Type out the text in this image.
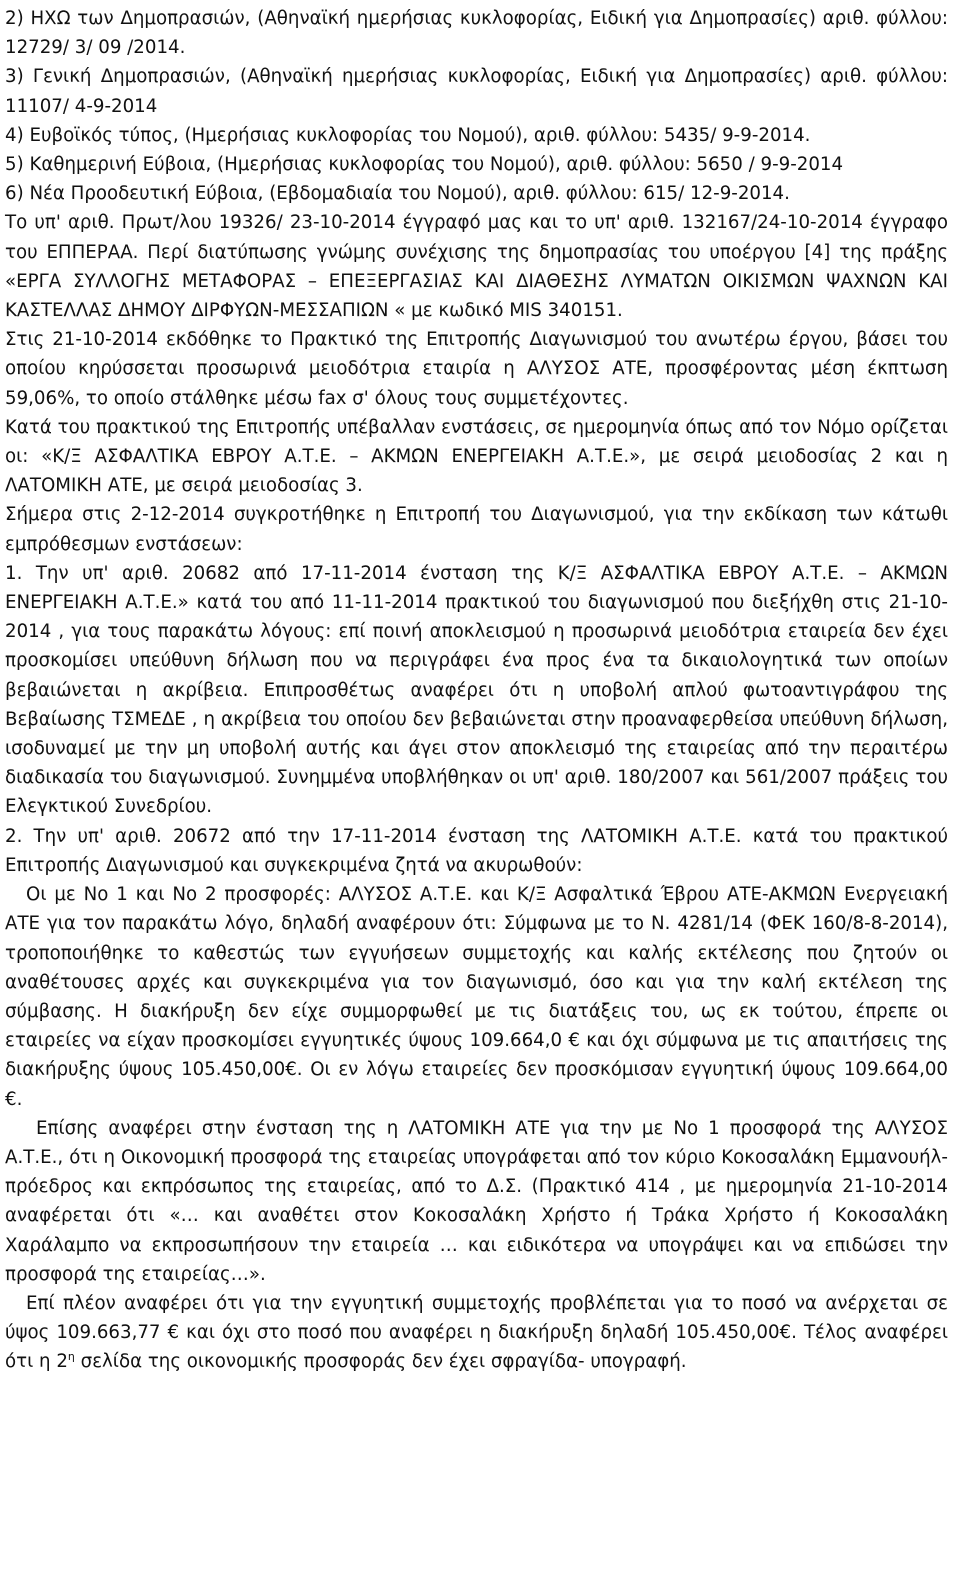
2) ΗΧΩ των Δημοπρασιών, (Αθηναϊκή ημερήσιας κυκλοφορίας, Ειδική για Δημοπρασίες) αριθ. φύλλου: 12729/ 3/ 09 /2014.

3) Γενική Δημοπρασιών, (Αθηναϊκή ημερήσιας κυκλοφορίας, Ειδική για Δημοπρασίες) αριθ. φύλλου: 11107/ 4-9-2014

4) Ευβοϊκός τύπος, (Ημερήσιας κυκλοφορίας του Νομού), αριθ. φύλλου: 5435/ 9-9-2014.

5) Καθημερινή Εύβοια, (Ημερήσιας κυκλοφορίας του Νομού), αριθ. φύλλου: 5650 / 9-9-2014

6) Νέα Προοδευτική Εύβοια, (Εβδομαδιαία του Νομού), αριθ. φύλλου: 615/ 12-9-2014.

Το υπ' αριθ. Πρωτ/λου 19326/ 23-10-2014 έγγραφό μας και το υπ' αριθ. 132167/24-10-2014 έγγραφο του ΕΠΠΕΡΑΑ. Περί διατύπωσης γνώμης συνέχισης της δημοπρασίας του υποέργου [4] της πράξης «ΕΡΓΑ ΣΥΛΛΟΓΗΣ ΜΕΤΑΦΟΡΑΣ – ΕΠΕΞΕΡΓΑΣΙΑΣ ΚΑΙ ΔΙΑΘΕΣΗΣ ΛΥΜΑΤΩΝ ΟΙΚΙΣΜΩΝ ΨΑΧΝΩΝ ΚΑΙ ΚΑΣΤΕΛΛΑΣ ΔΗΜΟΥ ΔΙΡΦΥΩΝ-ΜΕΣΣΑΠΙΩΝ « με κωδικό MIS 340151.

Στις 21-10-2014 εκδόθηκε το Πρακτικό της Επιτροπής Διαγωνισμού του ανωτέρω έργου, βάσει του οποίου κηρύσσεται προσωρινά μειοδότρια εταιρία η ΑΛΥΣΟΣ ΑΤΕ, προσφέροντας μέση έκπτωση 59,06%, το οποίο στάλθηκε μέσω fax σ' όλους τους συμμετέχοντες.

Κατά του πρακτικού της Επιτροπής υπέβαλλαν ενστάσεις, σε ημερομηνία όπως από τον Νόμο ορίζεται οι: «Κ/Ξ ΑΣΦΑΛΤΙΚΑ ΕΒΡΟΥ Α.Τ.Ε. – ΑΚΜΩΝ ΕΝΕΡΓΕΙΑΚΗ Α.Τ.Ε.», με σειρά μειοδοσίας 2 και η ΛΑΤΟΜΙΚΗ ΑΤΕ, με σειρά μειοδοσίας 3.

Σήμερα στις 2-12-2014 συγκροτήθηκε η Επιτροπή του Διαγωνισμού, για την εκδίκαση των κάτωθι εμπρόθεσμων ενστάσεων:

1. Την υπ' αριθ. 20682 από 17-11-2014 ένσταση της Κ/Ξ ΑΣΦΑΛΤΙΚΑ ΕΒΡΟΥ Α.Τ.Ε. – ΑΚΜΩΝ ΕΝΕΡΓΕΙΑΚΗ Α.Τ.Ε.» κατά του από 11-11-2014 πρακτικού του διαγωνισμού που διεξήχθη στις 21-10-2014 , για τους παρακάτω λόγους: επί ποινή αποκλεισμού η προσωρινά μειοδότρια εταιρεία δεν έχει προσκομίσει υπεύθυνη δήλωση που να περιγράφει ένα προς ένα τα δικαιολογητικά των οποίων βεβαιώνεται η ακρίβεια. Επιπροσθέτως αναφέρει ότι η υποβολή απλού φωτοαντιγράφου της Βεβαίωσης ΤΣΜΕΔΕ , η ακρίβεια του οποίου δεν βεβαιώνεται στην προαναφερθείσα υπεύθυνη δήλωση, ισοδυναμεί με την μη υποβολή αυτής και άγει στον αποκλεισμό της εταιρείας από την περαιτέρω διαδικασία του διαγωνισμού. Συνημμένα υποβλήθηκαν οι υπ' αριθ. 180/2007 και 561/2007 πράξεις του Ελεγκτικού Συνεδρίου.

2. Την υπ' αριθ. 20672 από την 17-11-2014 ένσταση της ΛΑΤΟΜΙΚΗ Α.Τ.Ε. κατά του πρακτικού Επιτροπής Διαγωνισμού και συγκεκριμένα ζητά να ακυρωθούν:

Οι με Νο 1 και Νο 2 προσφορές: ΑΛΥΣΟΣ Α.Τ.Ε. και Κ/Ξ Ασφαλτικά Έβρου ΑΤΕ-ΑΚΜΩΝ Ενεργειακή ΑΤΕ για τον παρακάτω λόγο, δηλαδή αναφέρουν ότι: Σύμφωνα με το Ν. 4281/14 (ΦΕΚ 160/8-8-2014), τροποποιήθηκε το καθεστώς των εγγυήσεων συμμετοχής και καλής εκτέλεσης που ζητούν οι αναθέτουσες αρχές και συγκεκριμένα για τον διαγωνισμό, όσο και για την καλή εκτέλεση της σύμβασης. Η διακήρυξη δεν είχε συμμορφωθεί με τις διατάξεις του, ως εκ τούτου, έπρεπε οι εταιρείες να είχαν προσκομίσει εγγυητικές ύψους 109.664,0 € και όχι σύμφωνα με τις απαιτήσεις της διακήρυξης ύψους 105.450,00€. Οι εν λόγω εταιρείες δεν προσκόμισαν εγγυητική ύψους 109.664,00 €.

Επίσης αναφέρει στην ένσταση της η ΛΑΤΟΜΙΚΗ ΑΤΕ για την με Νο 1 προσφορά της ΑΛΥΣΟΣ Α.Τ.Ε., ότι η Οικονομική προσφορά της εταιρείας υπογράφεται από τον κύριο Κοκοσαλάκη Εμμανουήλ- πρόεδρος και εκπρόσωπος της εταιρείας, από το Δ.Σ. (Πρακτικό 414 , με ημερομηνία 21-10-2014 αναφέρεται ότι «… και αναθέτει στον Κοκοσαλάκη Χρήστο ή Τράκα Χρήστο ή Κοκοσαλάκη Χαράλαμπο να εκπροσωπήσουν την εταιρεία … και ειδικότερα να υπογράψει και να επιδώσει την προσφορά της εταιρείας…».

Επί πλέον αναφέρει ότι για την εγγυητική συμμετοχής προβλέπεται για το ποσό να ανέρχεται σε ύψος 109.663,77 € και όχι στο ποσό που αναφέρει η διακήρυξη δηλαδή 105.450,00€. Τέλος αναφέρει ότι η $2^\eta$ σελίδα της οικονομικής προσφοράς δεν έχει σφραγίδα- υπογραφή.
